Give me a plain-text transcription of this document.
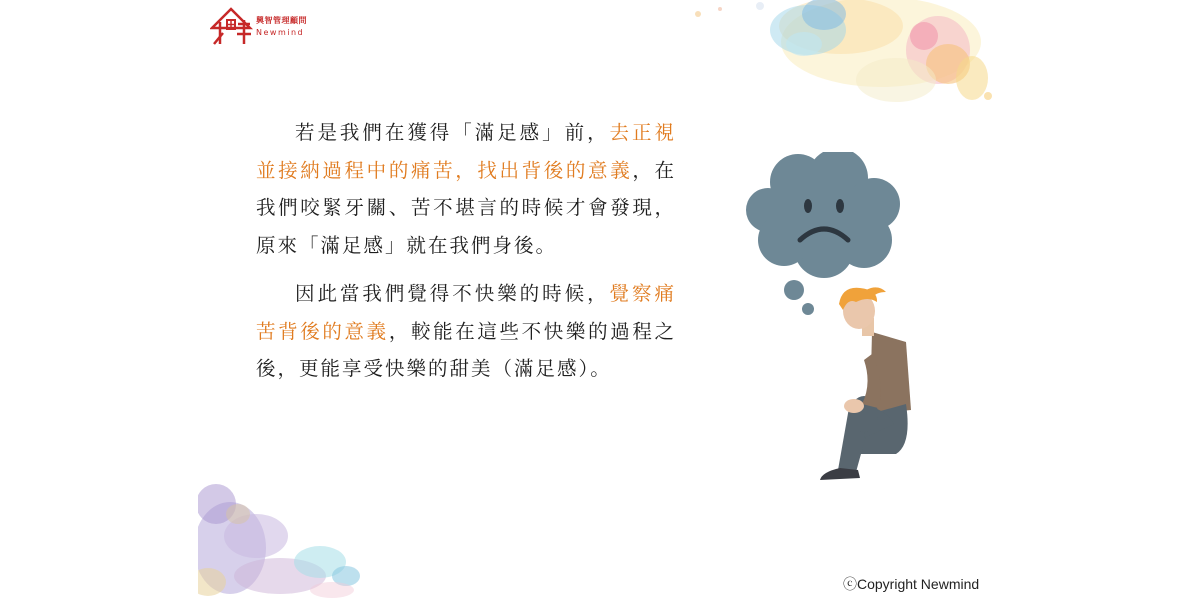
興智管理顧問
Newmind

若是我們在獲得「滿足感」前，去正視並接納過程中的痛苦，找出背後的意義，在我們咬緊牙關、苦不堪言的時候才會發現，原來「滿足感」就在我們身後。

因此當我們覺得不快樂的時候，覺察痛苦背後的意義，較能在這些不快樂的過程之後，更能享受快樂的甜美（滿足感）。

ⓒCopyright Newmind
